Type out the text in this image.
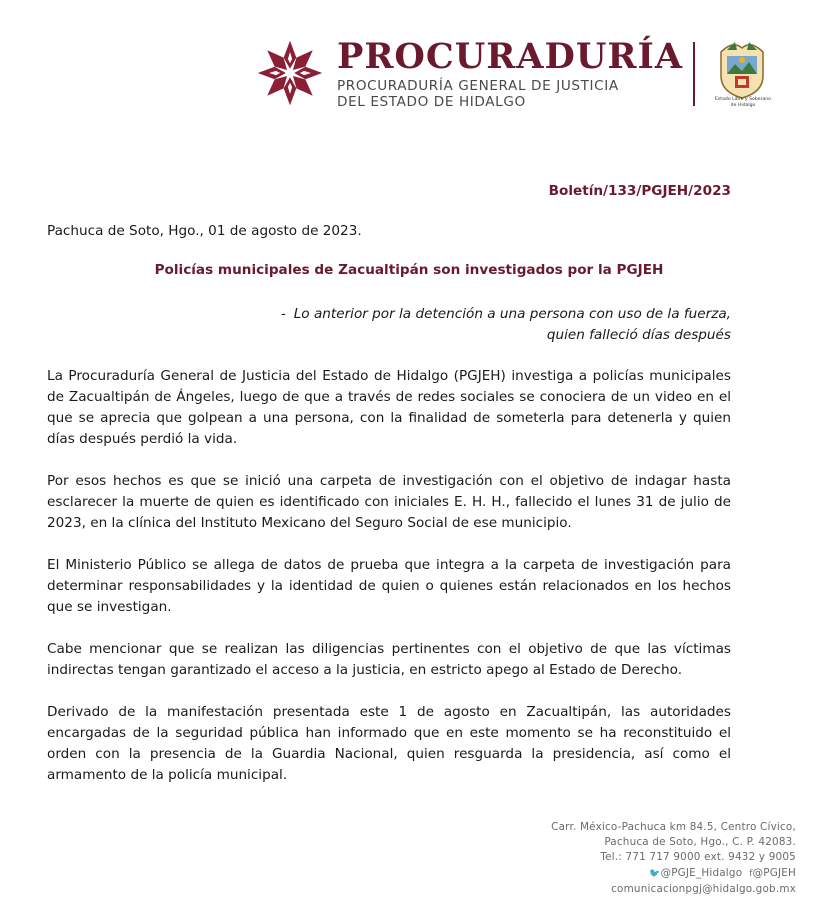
PROCURADURÍA
PROCURADURÍA GENERAL DE JUSTICIA
DEL ESTADO DE HIDALGO	Estado Libre y Soberano
de Hidalgo
Boletín/133/PGJEH/2023
Pachuca de Soto, Hgo., 01 de agosto de 2023.
Policías municipales de Zacualtipán son investigados por la PGJEH
- Lo anterior por la detención a una persona con uso de la fuerza,
quien falleció días después

La Procuraduría General de Justicia del Estado de Hidalgo (PGJEH) investiga a policías municipales de Zacualtipán de Ángeles, luego de que a través de redes sociales se conociera de un video en el que se aprecia que golpean a una persona, con la finalidad de someterla para detenerla y quien días después perdió la vida.

Por esos hechos es que se inició una carpeta de investigación con el objetivo de indagar hasta esclarecer la muerte de quien es identificado con iniciales E. H. H., fallecido el lunes 31 de julio de 2023, en la clínica del Instituto Mexicano del Seguro Social de ese municipio.

El Ministerio Público se allega de datos de prueba que integra a la carpeta de investigación para determinar responsabilidades y la identidad de quien o quienes están relacionados en los hechos que se investigan.

Cabe mencionar que se realizan las diligencias pertinentes con el objetivo de que las víctimas indirectas tengan garantizado el acceso a la justicia, en estricto apego al Estado de Derecho.

Derivado de la manifestación presentada este 1 de agosto en Zacualtipán, las autoridades encargadas de la seguridad pública han informado que en este momento se ha reconstituido el orden con la presencia de la Guardia Nacional, quien resguarda la presidencia, así como el armamento de la policía municipal.

Carr. México-Pachuca km 84.5, Centro Cívico,
Pachuca de Soto, Hgo., C. P. 42083.
Tel.: 771 717 9000 ext. 9432 y 9005
🐦@PGJE_Hidalgo f@PGJEH
comunicacionpgj@hidalgo.gob.mx
